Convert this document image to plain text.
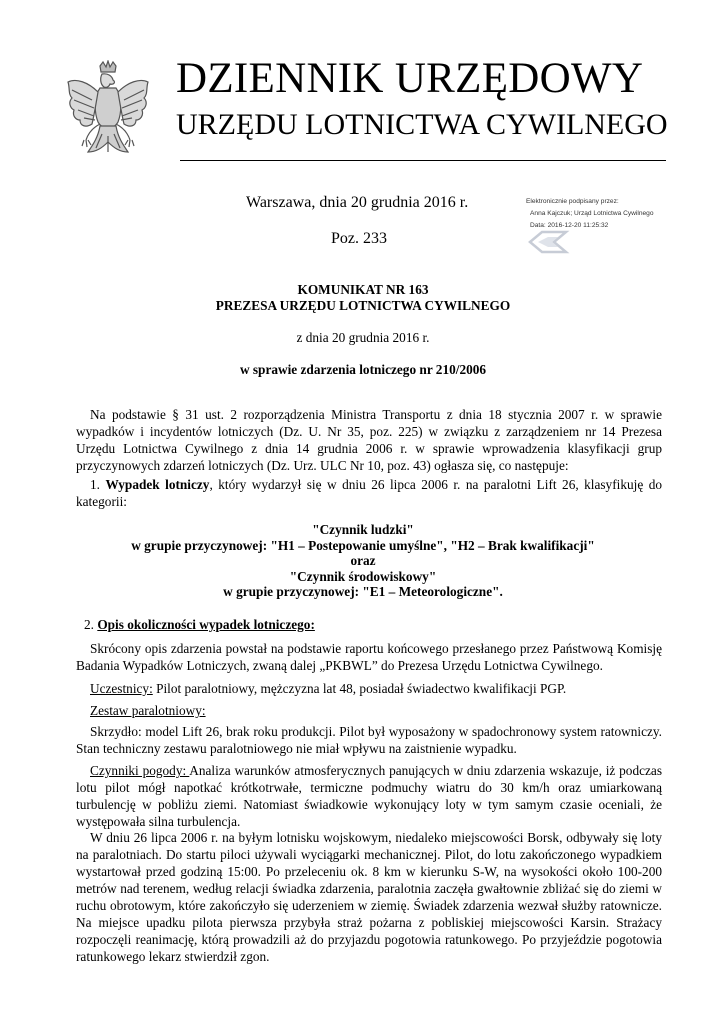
DZIENNIK URZĘDOWY
URZĘDU LOTNICTWA CYWILNEGO
Warszawa, dnia 20 grudnia 2016 r.
Poz. 233
Elektronicznie podpisany przez:
Anna Kajczuk; Urząd Lotnictwa Cywilnego
Data: 2016-12-20 11:25:32
KOMUNIKAT NR 163
PREZESA URZĘDU LOTNICTWA CYWILNEGO
z dnia 20 grudnia 2016 r.
w sprawie zdarzenia lotniczego nr 210/2006
Na podstawie § 31 ust. 2 rozporządzenia Ministra Transportu z dnia 18 stycznia 2007 r. w sprawie wypadków i incydentów lotniczych (Dz. U. Nr 35, poz. 225) w związku z zarządzeniem nr 14 Prezesa Urzędu Lotnictwa Cywilnego z dnia 14 grudnia 2006 r. w sprawie wprowadzenia klasyfikacji grup przyczynowych zdarzeń lotniczych (Dz. Urz. ULC Nr 10, poz. 43) ogłasza się, co następuje:
1. Wypadek lotniczy, który wydarzył się w dniu 26 lipca 2006 r. na paralotni Lift 26, klasyfikuję do kategorii:
"Czynnik ludzki"
w grupie przyczynowej: "H1 – Postepowanie umyślne", "H2 – Brak kwalifikacji"
oraz
"Czynnik środowiskowy"
w grupie przyczynowej: "E1 – Meteorologiczne".
2. Opis okoliczności wypadek lotniczego:
Skrócony opis zdarzenia powstał na podstawie raportu końcowego przesłanego przez Państwową Komisję Badania Wypadków Lotniczych, zwaną dalej „PKBWL” do Prezesa Urzędu Lotnictwa Cywilnego.
Uczestnicy: Pilot paralotniowy, mężczyzna lat 48, posiadał świadectwo kwalifikacji PGP.
Zestaw paralotniowy:
Skrzydło: model Lift 26, brak roku produkcji. Pilot był wyposażony w spadochronowy system ratowniczy. Stan techniczny zestawu paralotniowego nie miał wpływu na zaistnienie wypadku.
Czynniki pogody: Analiza warunków atmosferycznych panujących w dniu zdarzenia wskazuje, iż podczas lotu pilot mógł napotkać krótkotrwałe, termiczne podmuchy wiatru do 30 km/h oraz umiarkowaną turbulencję w pobliżu ziemi. Natomiast świadkowie wykonujący loty w tym samym czasie oceniali, że występowała silna turbulencja.
W dniu 26 lipca 2006 r. na byłym lotnisku wojskowym, niedaleko miejscowości Borsk, odbywały się loty na paralotniach. Do startu piloci używali wyciągarki mechanicznej. Pilot, do lotu zakończonego wypadkiem wystartował przed godziną 15:00. Po przeleceniu ok. 8 km w kierunku S-W, na wysokości około 100-200 metrów nad terenem, według relacji świadka zdarzenia, paralotnia zaczęła gwałtownie zbliżać się do ziemi w ruchu obrotowym, które zakończyło się uderzeniem w ziemię. Świadek zdarzenia wezwał służby ratownicze. Na miejsce upadku pilota pierwsza przybyła straż pożarna z pobliskiej miejscowości Karsin. Strażacy rozpoczęli reanimację, którą prowadzili aż do przyjazdu pogotowia ratunkowego. Po przyjeździe pogotowia ratunkowego lekarz stwierdził zgon.
